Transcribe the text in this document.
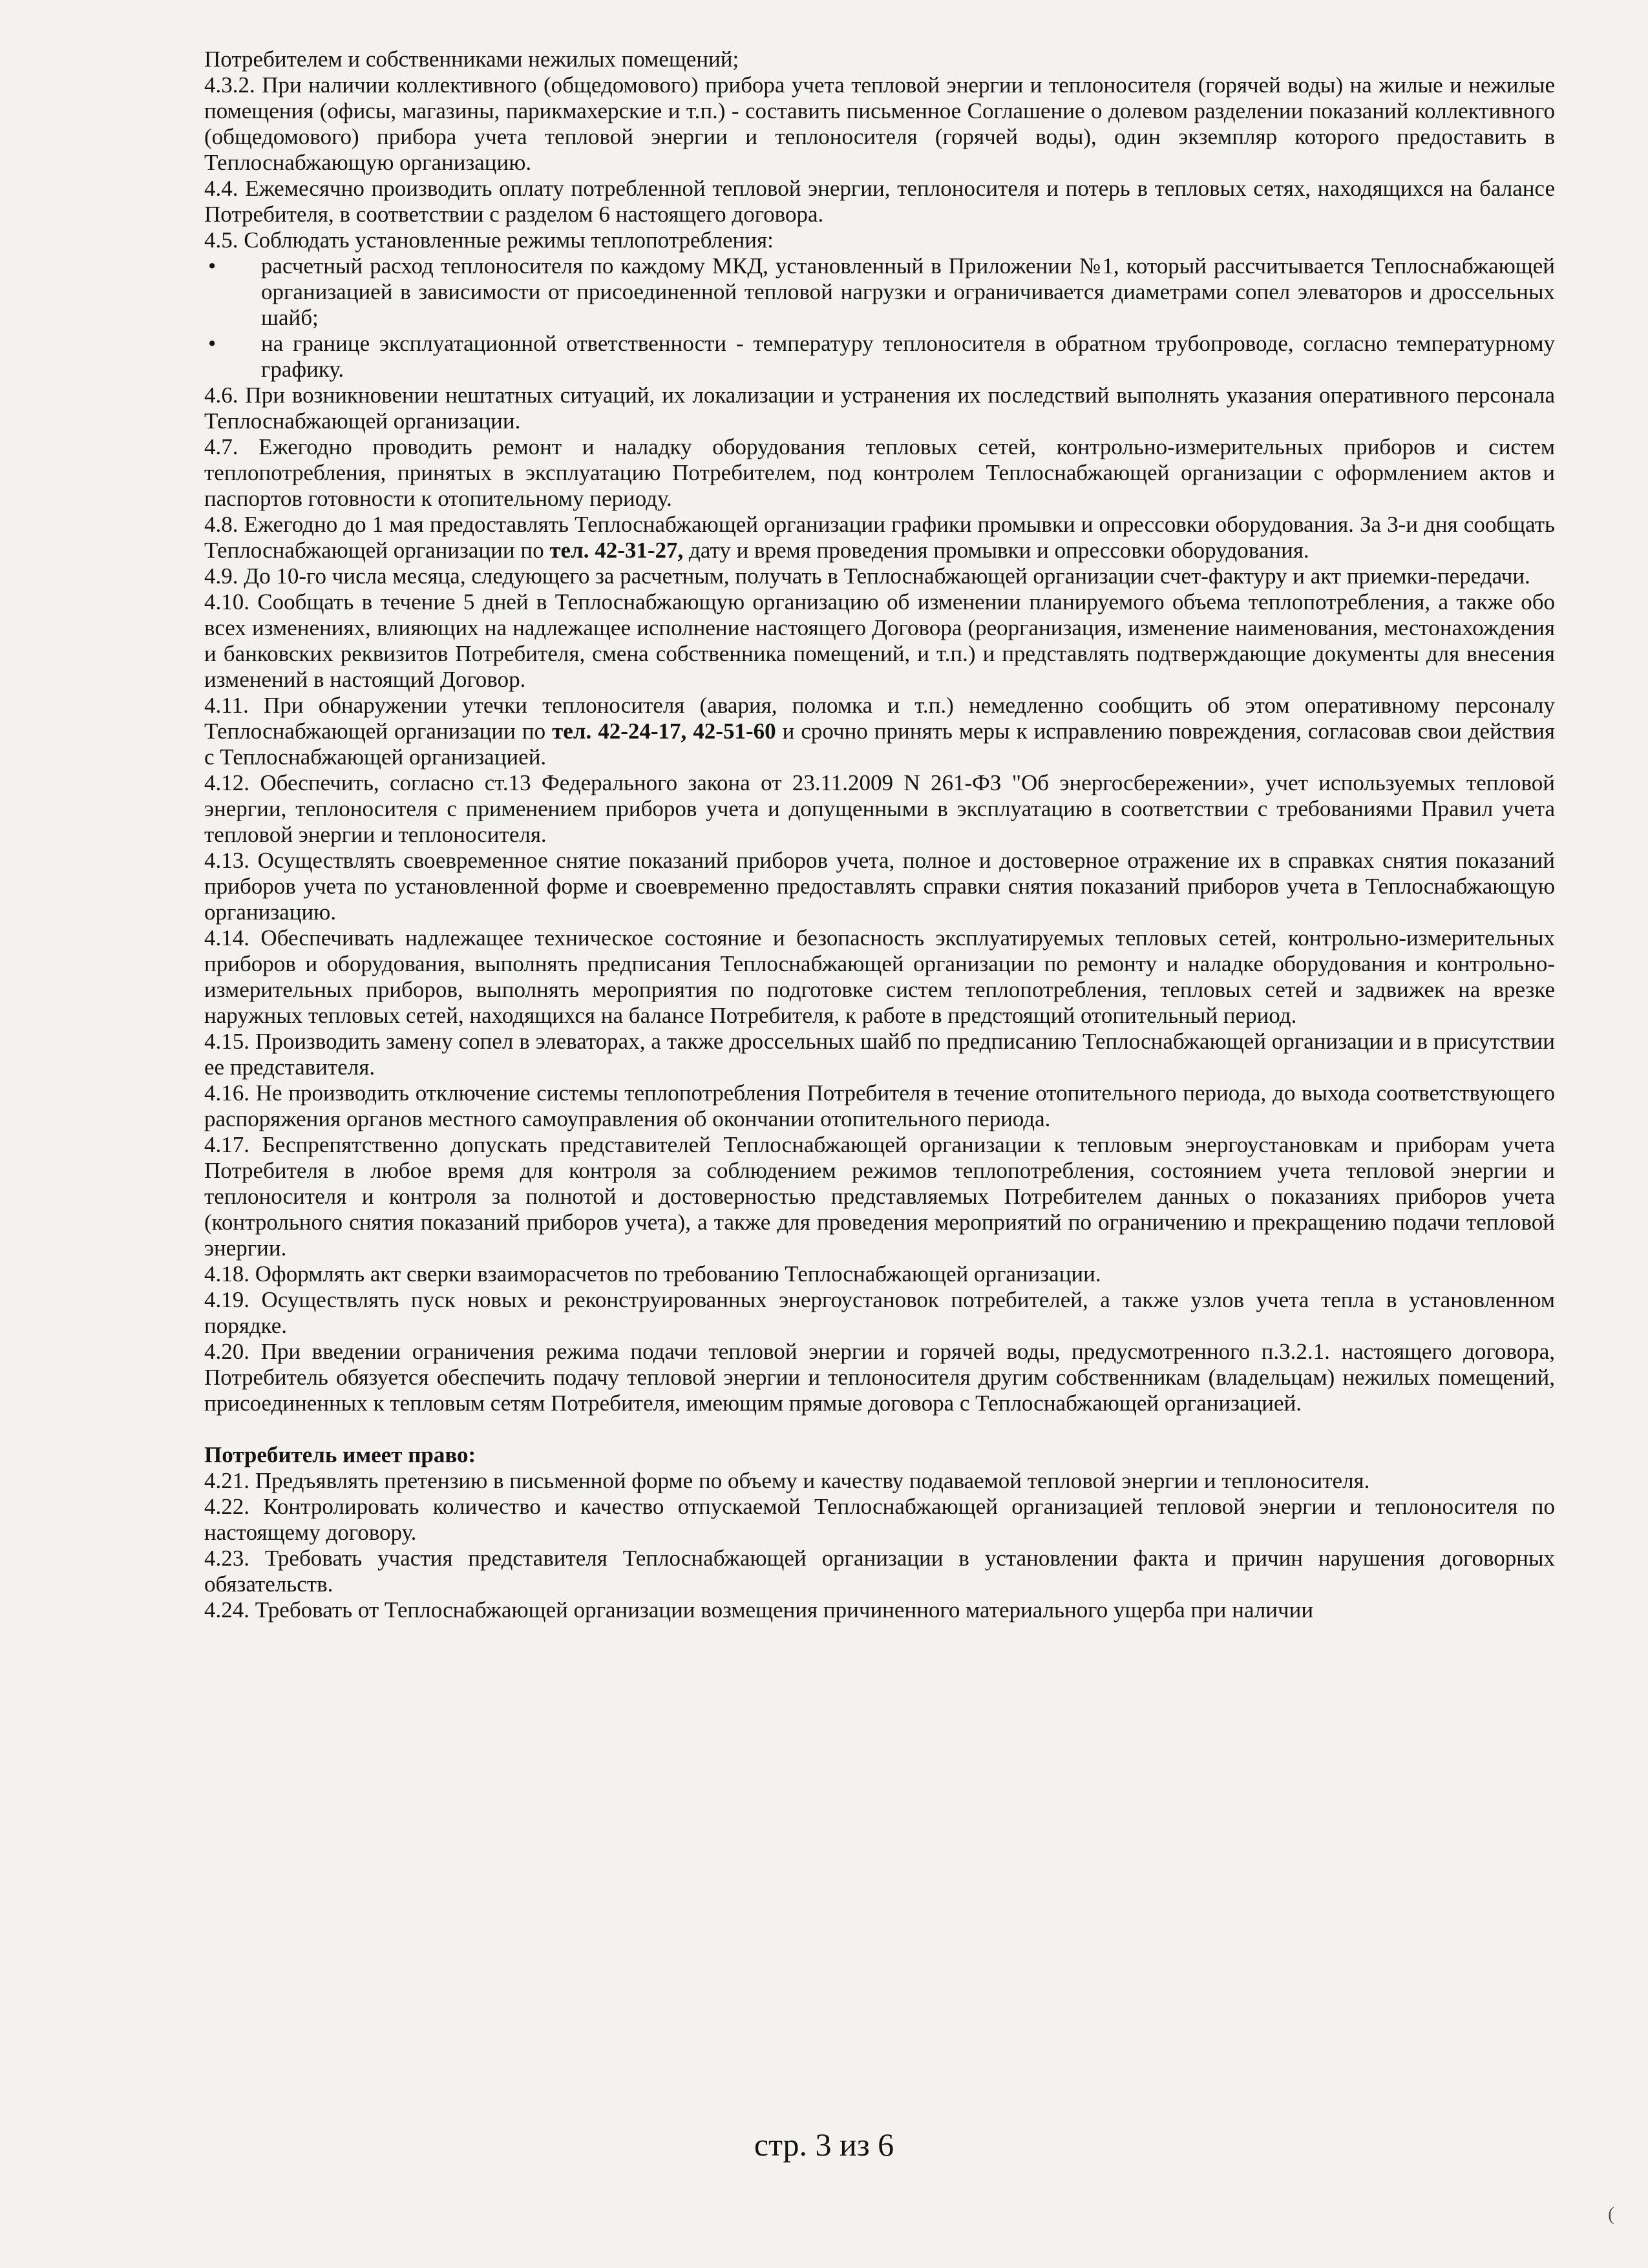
Потребителем и собственниками нежилых помещений;

4.3.2. При наличии коллективного (общедомового) прибора учета тепловой энергии и теплоносителя (горячей воды) на жилые и нежилые помещения (офисы, магазины, парикмахерские и т.п.) - составить письменное Соглашение о долевом разделении показаний коллективного (общедомового) прибора учета тепловой энергии и теплоносителя (горячей воды), один экземпляр которого предоставить в Теплоснабжающую организацию.

4.4. Ежемесячно производить оплату потребленной тепловой энергии, теплоносителя и потерь в тепловых сетях, находящихся на балансе Потребителя, в соответствии с разделом 6 настоящего договора.

4.5. Соблюдать установленные режимы теплопотребления:

• расчетный расход теплоносителя по каждому МКД, установленный в Приложении №1, который рассчитывается Теплоснабжающей организацией в зависимости от присоединенной тепловой нагрузки и ограничивается диаметрами сопел элеваторов и дроссельных шайб;
• на границе эксплуатационной ответственности - температуру теплоносителя в обратном трубопроводе, согласно температурному графику.

4.6. При возникновении нештатных ситуаций, их локализации и устранения их последствий выполнять указания оперативного персонала Теплоснабжающей организации.

4.7. Ежегодно проводить ремонт и наладку оборудования тепловых сетей, контрольно-измерительных приборов и систем теплопотребления, принятых в эксплуатацию Потребителем, под контролем Теплоснабжающей организации с оформлением актов и паспортов готовности к отопительному периоду.

4.8. Ежегодно до 1 мая предоставлять Теплоснабжающей организации графики промывки и опрессовки оборудования. За 3-и дня сообщать Теплоснабжающей организации по тел. 42-31-27, дату и время проведения промывки и опрессовки оборудования.

4.9. До 10-го числа месяца, следующего за расчетным, получать в Теплоснабжающей организации счет-фактуру и акт приемки-передачи.

4.10. Сообщать в течение 5 дней в Теплоснабжающую организацию об изменении планируемого объема теплопотребления, а также обо всех изменениях, влияющих на надлежащее исполнение настоящего Договора (реорганизация, изменение наименования, местонахождения и банковских реквизитов Потребителя, смена собственника помещений, и т.п.) и представлять подтверждающие документы для внесения изменений в настоящий Договор.

4.11. При обнаружении утечки теплоносителя (авария, поломка и т.п.) немедленно сообщить об этом оперативному персоналу Теплоснабжающей организации по тел. 42-24-17, 42-51-60 и срочно принять меры к исправлению повреждения, согласовав свои действия с Теплоснабжающей организацией.

4.12. Обеспечить, согласно ст.13 Федерального закона от 23.11.2009 N 261-ФЗ "Об энергосбережении», учет используемых тепловой энергии, теплоносителя с применением приборов учета и допущенными в эксплуатацию в соответствии с требованиями Правил учета тепловой энергии и теплоносителя.

4.13. Осуществлять своевременное снятие показаний приборов учета, полное и достоверное отражение их в справках снятия показаний приборов учета по установленной форме и своевременно предоставлять справки снятия показаний приборов учета в Теплоснабжающую организацию.

4.14. Обеспечивать надлежащее техническое состояние и безопасность эксплуатируемых тепловых сетей, контрольно-измерительных приборов и оборудования, выполнять предписания Теплоснабжающей организации по ремонту и наладке оборудования и контрольно-измерительных приборов, выполнять мероприятия по подготовке систем теплопотребления, тепловых сетей и задвижек на врезке наружных тепловых сетей, находящихся на балансе Потребителя, к работе в предстоящий отопительный период.

4.15. Производить замену сопел в элеваторах, а также дроссельных шайб по предписанию Теплоснабжающей организации и в присутствии ее представителя.

4.16. Не производить отключение системы теплопотребления Потребителя в течение отопительного периода, до выхода соответствующего распоряжения органов местного самоуправления об окончании отопительного периода.

4.17. Беспрепятственно допускать представителей Теплоснабжающей организации к тепловым энергоустановкам и приборам учета Потребителя в любое время для контроля за соблюдением режимов теплопотребления, состоянием учета тепловой энергии и теплоносителя и контроля за полнотой и достоверностью представляемых Потребителем данных о показаниях приборов учета (контрольного снятия показаний приборов учета), а также для проведения мероприятий по ограничению и прекращению подачи тепловой энергии.

4.18. Оформлять акт сверки взаиморасчетов по требованию Теплоснабжающей организации.

4.19. Осуществлять пуск новых и реконструированных энергоустановок потребителей, а также узлов учета тепла в установленном порядке.

4.20. При введении ограничения режима подачи тепловой энергии и горячей воды, предусмотренного п.3.2.1. настоящего договора, Потребитель обязуется обеспечить подачу тепловой энергии и теплоносителя другим собственникам (владельцам) нежилых помещений, присоединенных к тепловым сетям Потребителя, имеющим прямые договора с Теплоснабжающей организацией.

Потребитель имеет право:

4.21. Предъявлять претензию в письменной форме по объему и качеству подаваемой тепловой энергии и теплоносителя.

4.22. Контролировать количество и качество отпускаемой Теплоснабжающей организацией тепловой энергии и теплоносителя по настоящему договору.

4.23. Требовать участия представителя Теплоснабжающей организации в установлении факта и причин нарушения договорных обязательств.

4.24. Требовать от Теплоснабжающей организации возмещения причиненного материального ущерба при наличии

стр. 3 из 6
(
